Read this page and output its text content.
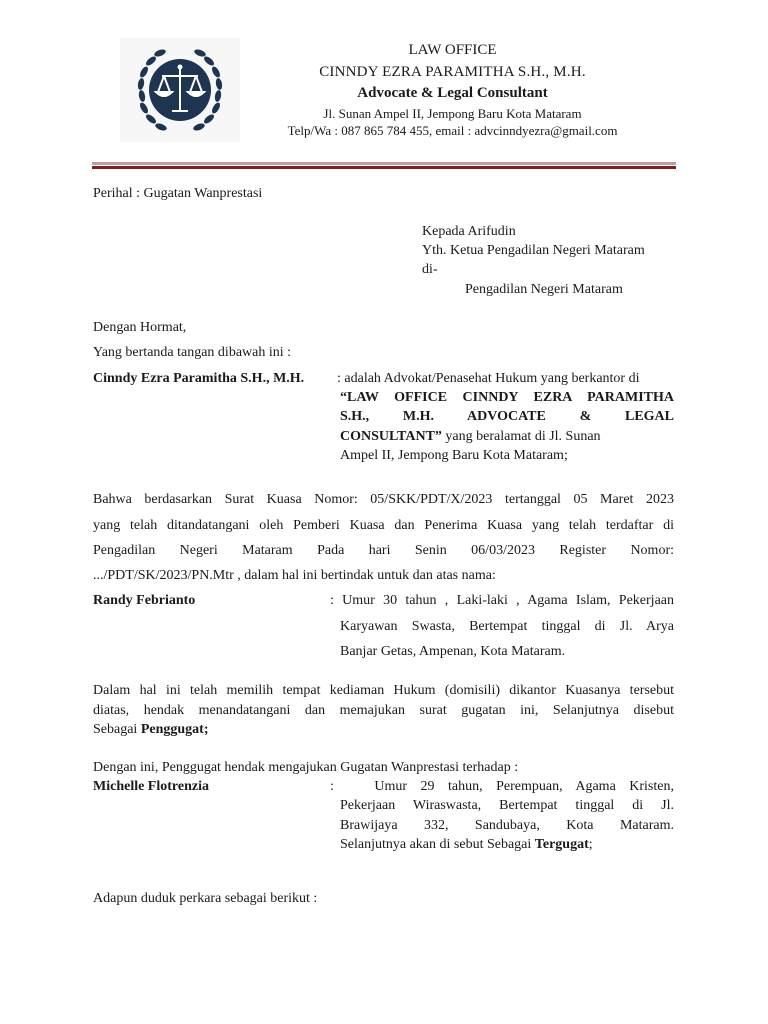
LAW OFFICE
CINNDY EZRA PARAMITHA S.H., M.H.
Advocate & Legal Consultant
Jl. Sunan Ampel II, Jempong Baru Kota Mataram
Telp/Wa : 087 865 784 455, email : advcinndyezra@gmail.com
Perihal : Gugatan Wanprestasi
Kepada Arifudin
Yth. Ketua Pengadilan Negeri Mataram
di-
Pengadilan Negeri Mataram
Dengan Hormat,
Yang bertanda tangan dibawah ini :
Cinndy Ezra Paramitha S.H., M.H. : adalah Advokat/Penasehat Hukum yang berkantor di
“LAW OFFICE CINNDY EZRA PARAMITHA
S.H., M.H. ADVOCATE & LEGAL
CONSULTANT” yang beralamat di Jl. Sunan
Ampel II, Jempong Baru Kota Mataram;
Bahwa berdasarkan Surat Kuasa Nomor: 05/SKK/PDT/X/2023 tertanggal 05 Maret 2023
yang telah ditandatangani oleh Pemberi Kuasa dan Penerima Kuasa yang telah terdaftar di
Pengadilan Negeri Mataram Pada hari Senin 06/03/2023 Register Nomor:
.../PDT/SK/2023/PN.Mtr , dalam hal ini bertindak untuk dan atas nama:
Randy Febrianto	: Umur 30 tahun , Laki-laki , Agama Islam, Pekerjaan
Karyawan Swasta, Bertempat tinggal di Jl. Arya
Banjar Getas, Ampenan, Kota Mataram.
Dalam hal ini telah memilih tempat kediaman Hukum (domisili) dikantor Kuasanya tersebut
diatas, hendak menandatangani dan memajukan surat gugatan ini, Selanjutnya disebut
Sebagai Penggugat;
Dengan ini, Penggugat hendak mengajukan Gugatan Wanprestasi terhadap :
Michelle Flotrenzia	:   Umur 29 tahun, Perempuan, Agama Kristen,
Pekerjaan Wiraswasta, Bertempat tinggal di Jl.
Brawijaya 332, Sandubaya, Kota Mataram.
Selanjutnya akan di sebut Sebagai Tergugat;
Adapun duduk perkara sebagai berikut :
